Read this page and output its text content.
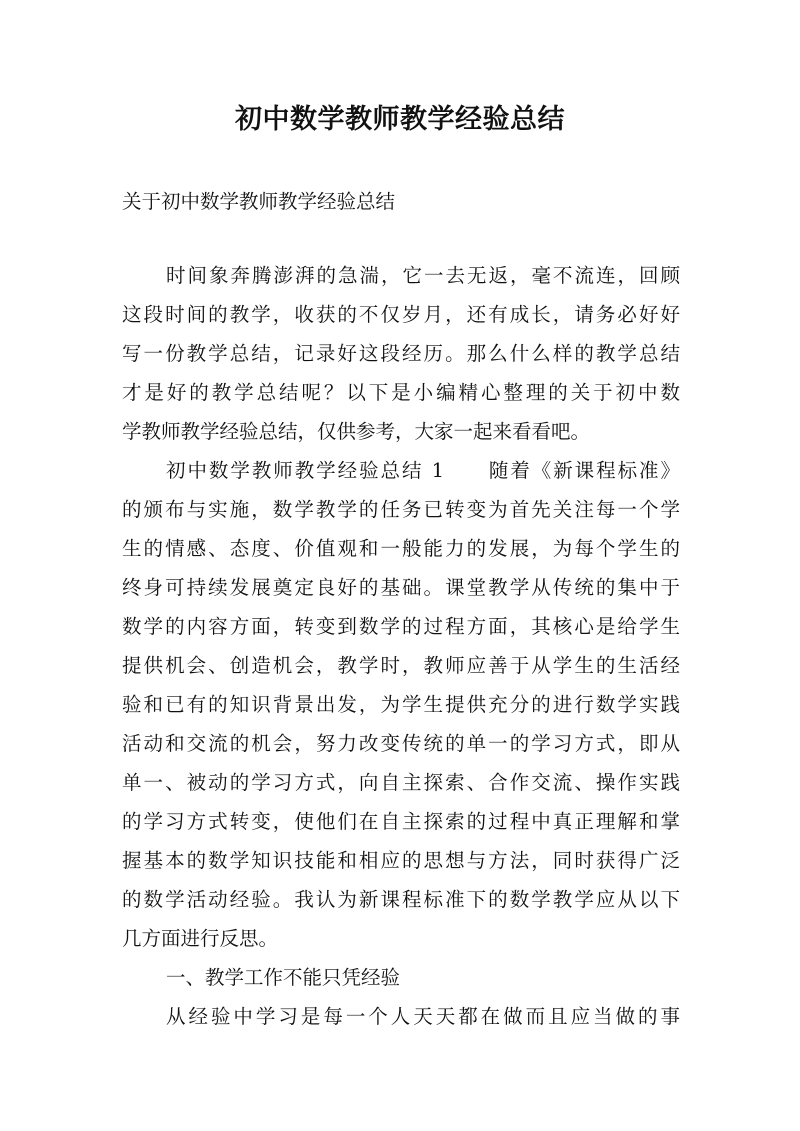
初中数学教师教学经验总结

关于初中数学教师教学经验总结

时间象奔腾澎湃的急湍，它一去无返，毫不流连，回顾

这段时间的教学，收获的不仅岁月，还有成长，请务必好好

写一份教学总结，记录好这段经历。那么什么样的教学总结

才是好的教学总结呢？以下是小编精心整理的关于初中数

学教师教学经验总结，仅供参考，大家一起来看看吧。

初中数学教师教学经验总结 1　　随着《新课程标准》

的颁布与实施，数学教学的任务已转变为首先关注每一个学

生的情感、态度、价值观和一般能力的发展，为每个学生的

终身可持续发展奠定良好的基础。课堂教学从传统的集中于

数学的内容方面，转变到数学的过程方面，其核心是给学生

提供机会、创造机会，教学时，教师应善于从学生的生活经

验和已有的知识背景出发，为学生提供充分的进行数学实践

活动和交流的机会，努力改变传统的单一的学习方式，即从

单一、被动的学习方式，向自主探索、合作交流、操作实践

的学习方式转变，使他们在自主探索的过程中真正理解和掌

握基本的数学知识技能和相应的思想与方法，同时获得广泛

的数学活动经验。我认为新课程标准下的数学教学应从以下

几方面进行反思。

一、教学工作不能只凭经验

从经验中学习是每一个人天天都在做而且应当做的事
